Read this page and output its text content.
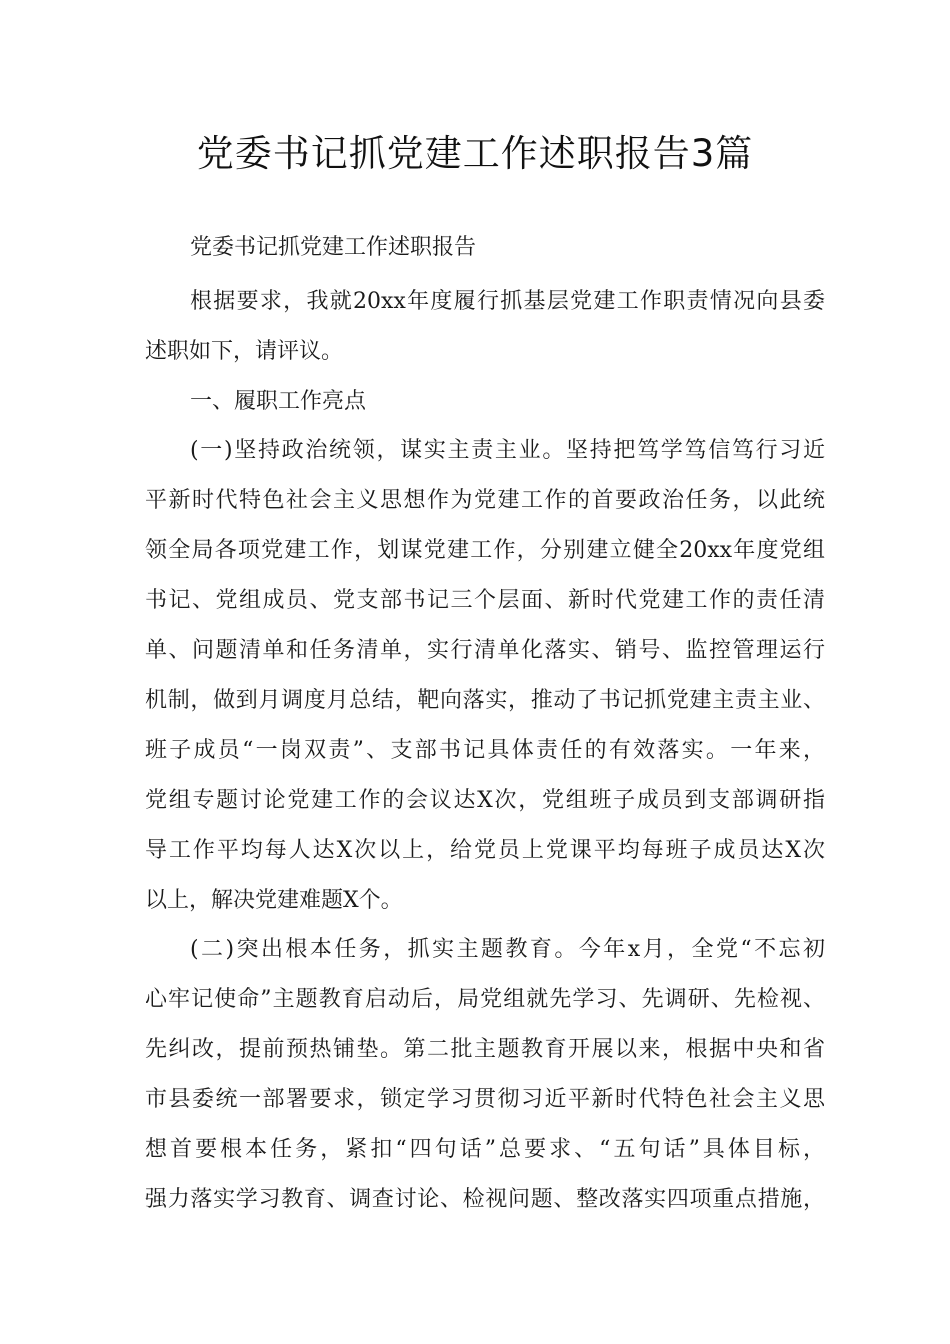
党委书记抓党建工作述职报告3篇

党委书记抓党建工作述职报告

根据要求，我就20xx年度履行抓基层党建工作职责情况向县委

述职如下，请评议。

一、履职工作亮点

(一)坚持政治统领，谋实主责主业。坚持把笃学笃信笃行习近

平新时代特色社会主义思想作为党建工作的首要政治任务，以此统

领全局各项党建工作，划谋党建工作，分别建立健全20xx年度党组

书记、党组成员、党支部书记三个层面、新时代党建工作的责任清

单、问题清单和任务清单，实行清单化落实、销号、监控管理运行

机制，做到月调度月总结，靶向落实，推动了书记抓党建主责主业、

班子成员“一岗双责”、支部书记具体责任的有效落实。一年来，

党组专题讨论党建工作的会议达X次，党组班子成员到支部调研指

导工作平均每人达X次以上，给党员上党课平均每班子成员达X次

以上，解决党建难题X个。

(二)突出根本任务，抓实主题教育。今年x月，全党“不忘初

心牢记使命”主题教育启动后，局党组就先学习、先调研、先检视、

先纠改，提前预热铺垫。第二批主题教育开展以来，根据中央和省

市县委统一部署要求，锁定学习贯彻习近平新时代特色社会主义思

想首要根本任务，紧扣“四句话”总要求、“五句话”具体目标，

强力落实学习教育、调查讨论、检视问题、整改落实四项重点措施，
